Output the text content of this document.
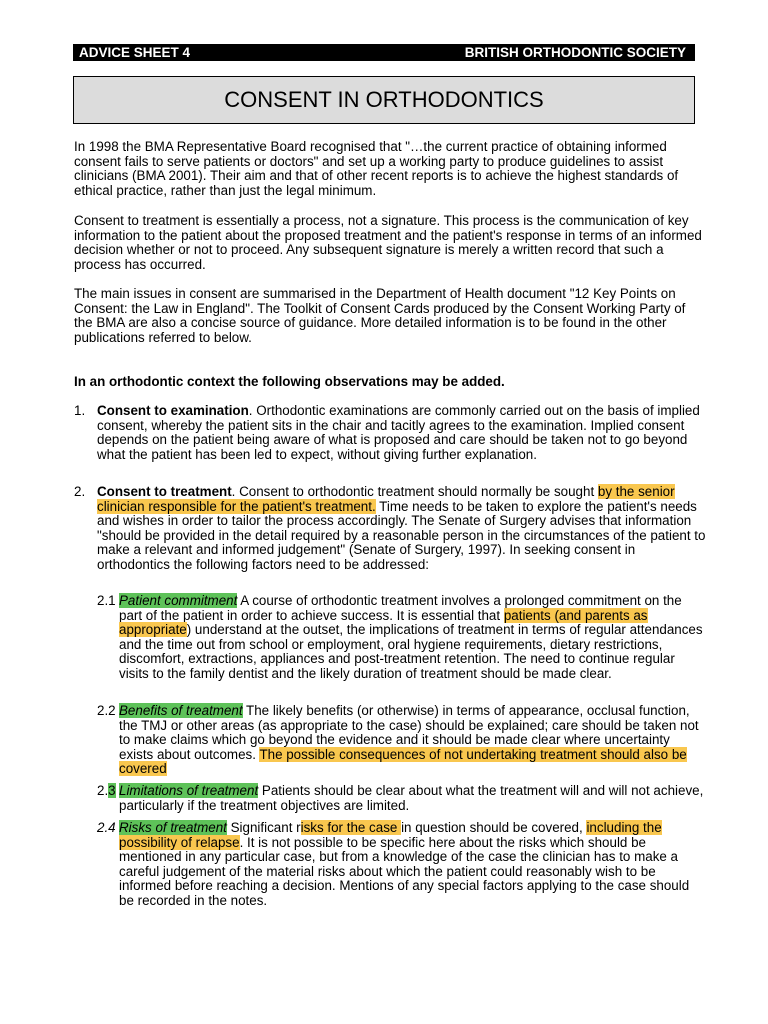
ADVICE SHEET 4	BRITISH ORTHODONTIC SOCIETY
CONSENT IN ORTHODONTICS

In 1998 the BMA Representative Board recognised that "…the current practice of obtaining informed consent fails to serve patients or doctors" and set up a working party to produce guidelines to assist clinicians (BMA 2001). Their aim and that of other recent reports is to achieve the highest standards of ethical practice, rather than just the legal minimum.

Consent to treatment is essentially a process, not a signature. This process is the communication of key information to the patient about the proposed treatment and the patient's response in terms of an informed decision whether or not to proceed. Any subsequent signature is merely a written record that such a process has occurred.

The main issues in consent are summarised in the Department of Health document "12 Key Points on Consent: the Law in England". The Toolkit of Consent Cards produced by the Consent Working Party of the BMA are also a concise source of guidance. More detailed information is to be found in the other publications referred to below.

In an orthodontic context the following observations may be added.

1. Consent to examination. Orthodontic examinations are commonly carried out on the basis of implied consent, whereby the patient sits in the chair and tacitly agrees to the examination. Implied consent depends on the patient being aware of what is proposed and care should be taken not to go beyond what the patient has been led to expect, without giving further explanation.

2. Consent to treatment. Consent to orthodontic treatment should normally be sought by the senior clinician responsible for the patient's treatment. Time needs to be taken to explore the patient's needs and wishes in order to tailor the process accordingly. The Senate of Surgery advises that information "should be provided in the detail required by a reasonable person in the circumstances of the patient to make a relevant and informed judgement" (Senate of Surgery, 1997). In seeking consent in orthodontics the following factors need to be addressed:

2.1 Patient commitment A course of orthodontic treatment involves a prolonged commitment on the part of the patient in order to achieve success. It is essential that patients (and parents as appropriate) understand at the outset, the implications of treatment in terms of regular attendances and the time out from school or employment, oral hygiene requirements, dietary restrictions, discomfort, extractions, appliances and post-treatment retention. The need to continue regular visits to the family dentist and the likely duration of treatment should be made clear.

2.2 Benefits of treatment The likely benefits (or otherwise) in terms of appearance, occlusal function, the TMJ or other areas (as appropriate to the case) should be explained; care should be taken not to make claims which go beyond the evidence and it should be made clear where uncertainty exists about outcomes. The possible consequences of not undertaking treatment should also be covered

2.3 Limitations of treatment Patients should be clear about what the treatment will and will not achieve, particularly if the treatment objectives are limited.

2.4 Risks of treatment Significant risks for the case in question should be covered, including the possibility of relapse. It is not possible to be specific here about the risks which should be mentioned in any particular case, but from a knowledge of the case the clinician has to make a careful judgement of the material risks about which the patient could reasonably wish to be informed before reaching a decision. Mentions of any special factors applying to the case should be recorded in the notes.
